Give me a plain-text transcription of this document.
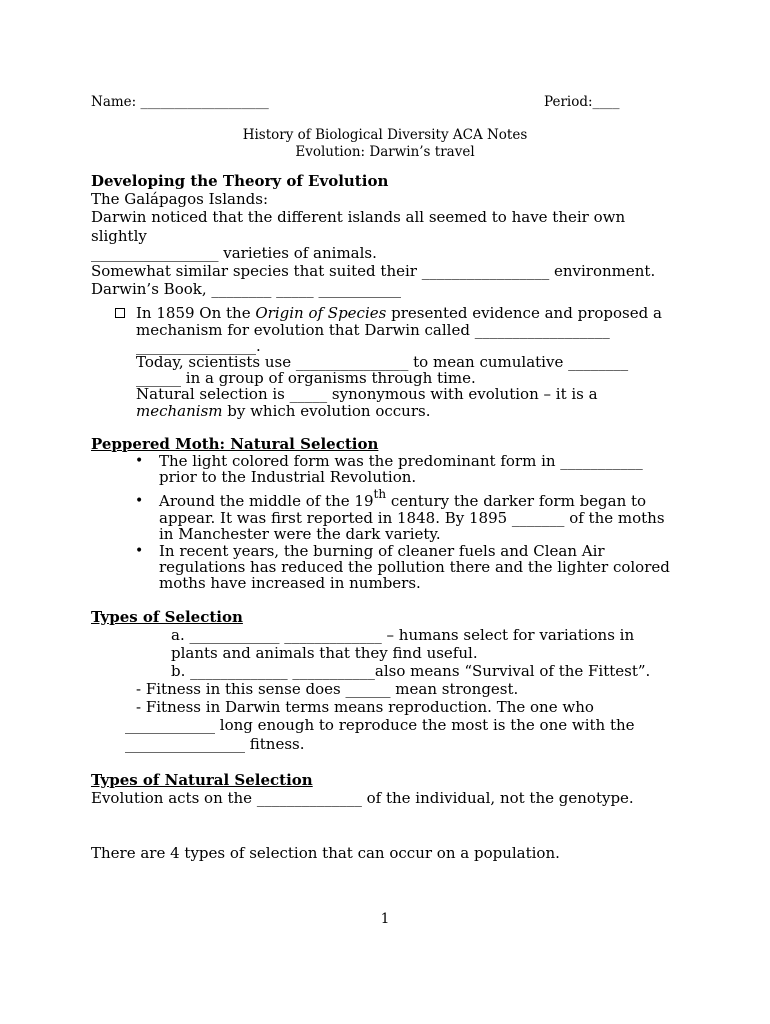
Name: ___________________	Period:____
History of Biological Diversity ACA Notes
Evolution: Darwin’s travel
Developing the Theory of Evolution
The Galápagos Islands:
Darwin noticed that the different islands all seemed to have their own
slightly
_________________ varieties of animals.
Somewhat similar species that suited their _________________ environment.
Darwin’s Book, ________ _____ ___________
In 1859 On the Origin of Species presented evidence and proposed a
mechanism for evolution that Darwin called __________________
________________.
Today, scientists use _______________ to mean cumulative ________
______ in a group of organisms through time.
Natural selection is _____ synonymous with evolution – it is a
mechanism by which evolution occurs.
Peppered Moth: Natural Selection
• The light colored form was the predominant form in ___________
prior to the Industrial Revolution.
• Around the middle of the 19th century the darker form began to
appear. It was first reported in 1848. By 1895 _______ of the moths
in Manchester were the dark variety.
• In recent years, the burning of cleaner fuels and Clean Air
regulations has reduced the pollution there and the lighter colored
moths have increased in numbers.
Types of Selection
a. ____________ _____________ – humans select for variations in
plants and animals that they find useful.
b. _____________ ___________also means “Survival of the Fittest”.
- Fitness in this sense does ______ mean strongest.
- Fitness in Darwin terms means reproduction. The one who
____________ long enough to reproduce the most is the one with the
________________ fitness.
Types of Natural Selection
Evolution acts on the ______________ of the individual, not the genotype.
There are 4 types of selection that can occur on a population.
1
